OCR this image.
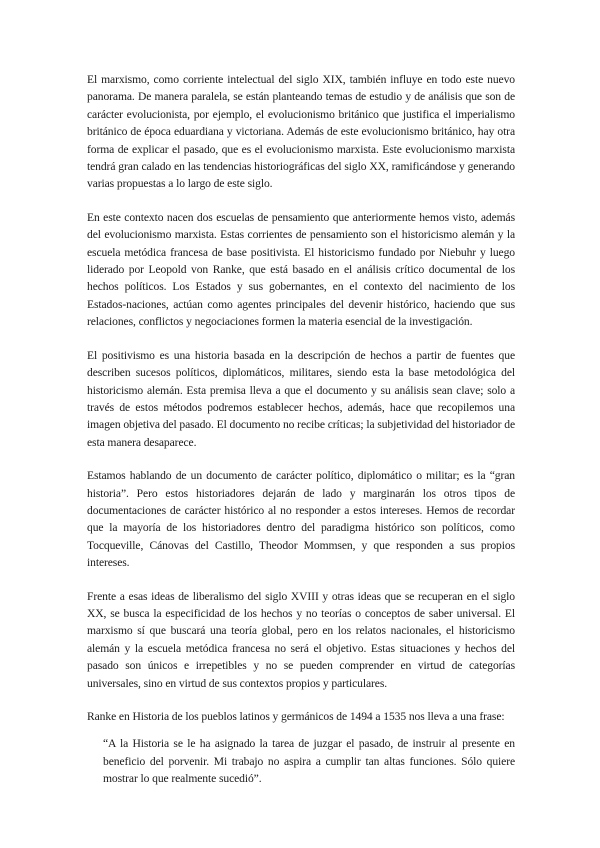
El marxismo, como corriente intelectual del siglo XIX, también influye en todo este nuevo panorama. De manera paralela, se están planteando temas de estudio y de análisis que son de carácter evolucionista, por ejemplo, el evolucionismo británico que justifica el imperialismo británico de época eduardiana y victoriana. Además de este evolucionismo británico, hay otra forma de explicar el pasado, que es el evolucionismo marxista. Este evolucionismo marxista tendrá gran calado en las tendencias historiográficas del siglo XX, ramificándose y generando varias propuestas a lo largo de este siglo.

En este contexto nacen dos escuelas de pensamiento que anteriormente hemos visto, además del evolucionismo marxista. Estas corrientes de pensamiento son el historicismo alemán y la escuela metódica francesa de base positivista. El historicismo fundado por Niebuhr y luego liderado por Leopold von Ranke, que está basado en el análisis crítico documental de los hechos políticos. Los Estados y sus gobernantes, en el contexto del nacimiento de los Estados-naciones, actúan como agentes principales del devenir histórico, haciendo que sus relaciones, conflictos y negociaciones formen la materia esencial de la investigación.

El positivismo es una historia basada en la descripción de hechos a partir de fuentes que describen sucesos políticos, diplomáticos, militares, siendo esta la base metodológica del historicismo alemán. Esta premisa lleva a que el documento y su análisis sean clave; solo a través de estos métodos podremos establecer hechos, además, hace que recopilemos una imagen objetiva del pasado. El documento no recibe críticas; la subjetividad del historiador de esta manera desaparece.

Estamos hablando de un documento de carácter político, diplomático o militar; es la “gran historia”. Pero estos historiadores dejarán de lado y marginarán los otros tipos de documentaciones de carácter histórico al no responder a estos intereses. Hemos de recordar que la mayoría de los historiadores dentro del paradigma histórico son políticos, como Tocqueville, Cánovas del Castillo, Theodor Mommsen, y que responden a sus propios intereses.

Frente a esas ideas de liberalismo del siglo XVIII y otras ideas que se recuperan en el siglo XX, se busca la especificidad de los hechos y no teorías o conceptos de saber universal. El marxismo sí que buscará una teoría global, pero en los relatos nacionales, el historicismo alemán y la escuela metódica francesa no será el objetivo. Estas situaciones y hechos del pasado son únicos e irrepetibles y no se pueden comprender en virtud de categorías universales, sino en virtud de sus contextos propios y particulares.

Ranke en Historia de los pueblos latinos y germánicos de 1494 a 1535 nos lleva a una frase:

“A la Historia se le ha asignado la tarea de juzgar el pasado, de instruir al presente en beneficio del porvenir. Mi trabajo no aspira a cumplir tan altas funciones. Sólo quiere mostrar lo que realmente sucedió”.
